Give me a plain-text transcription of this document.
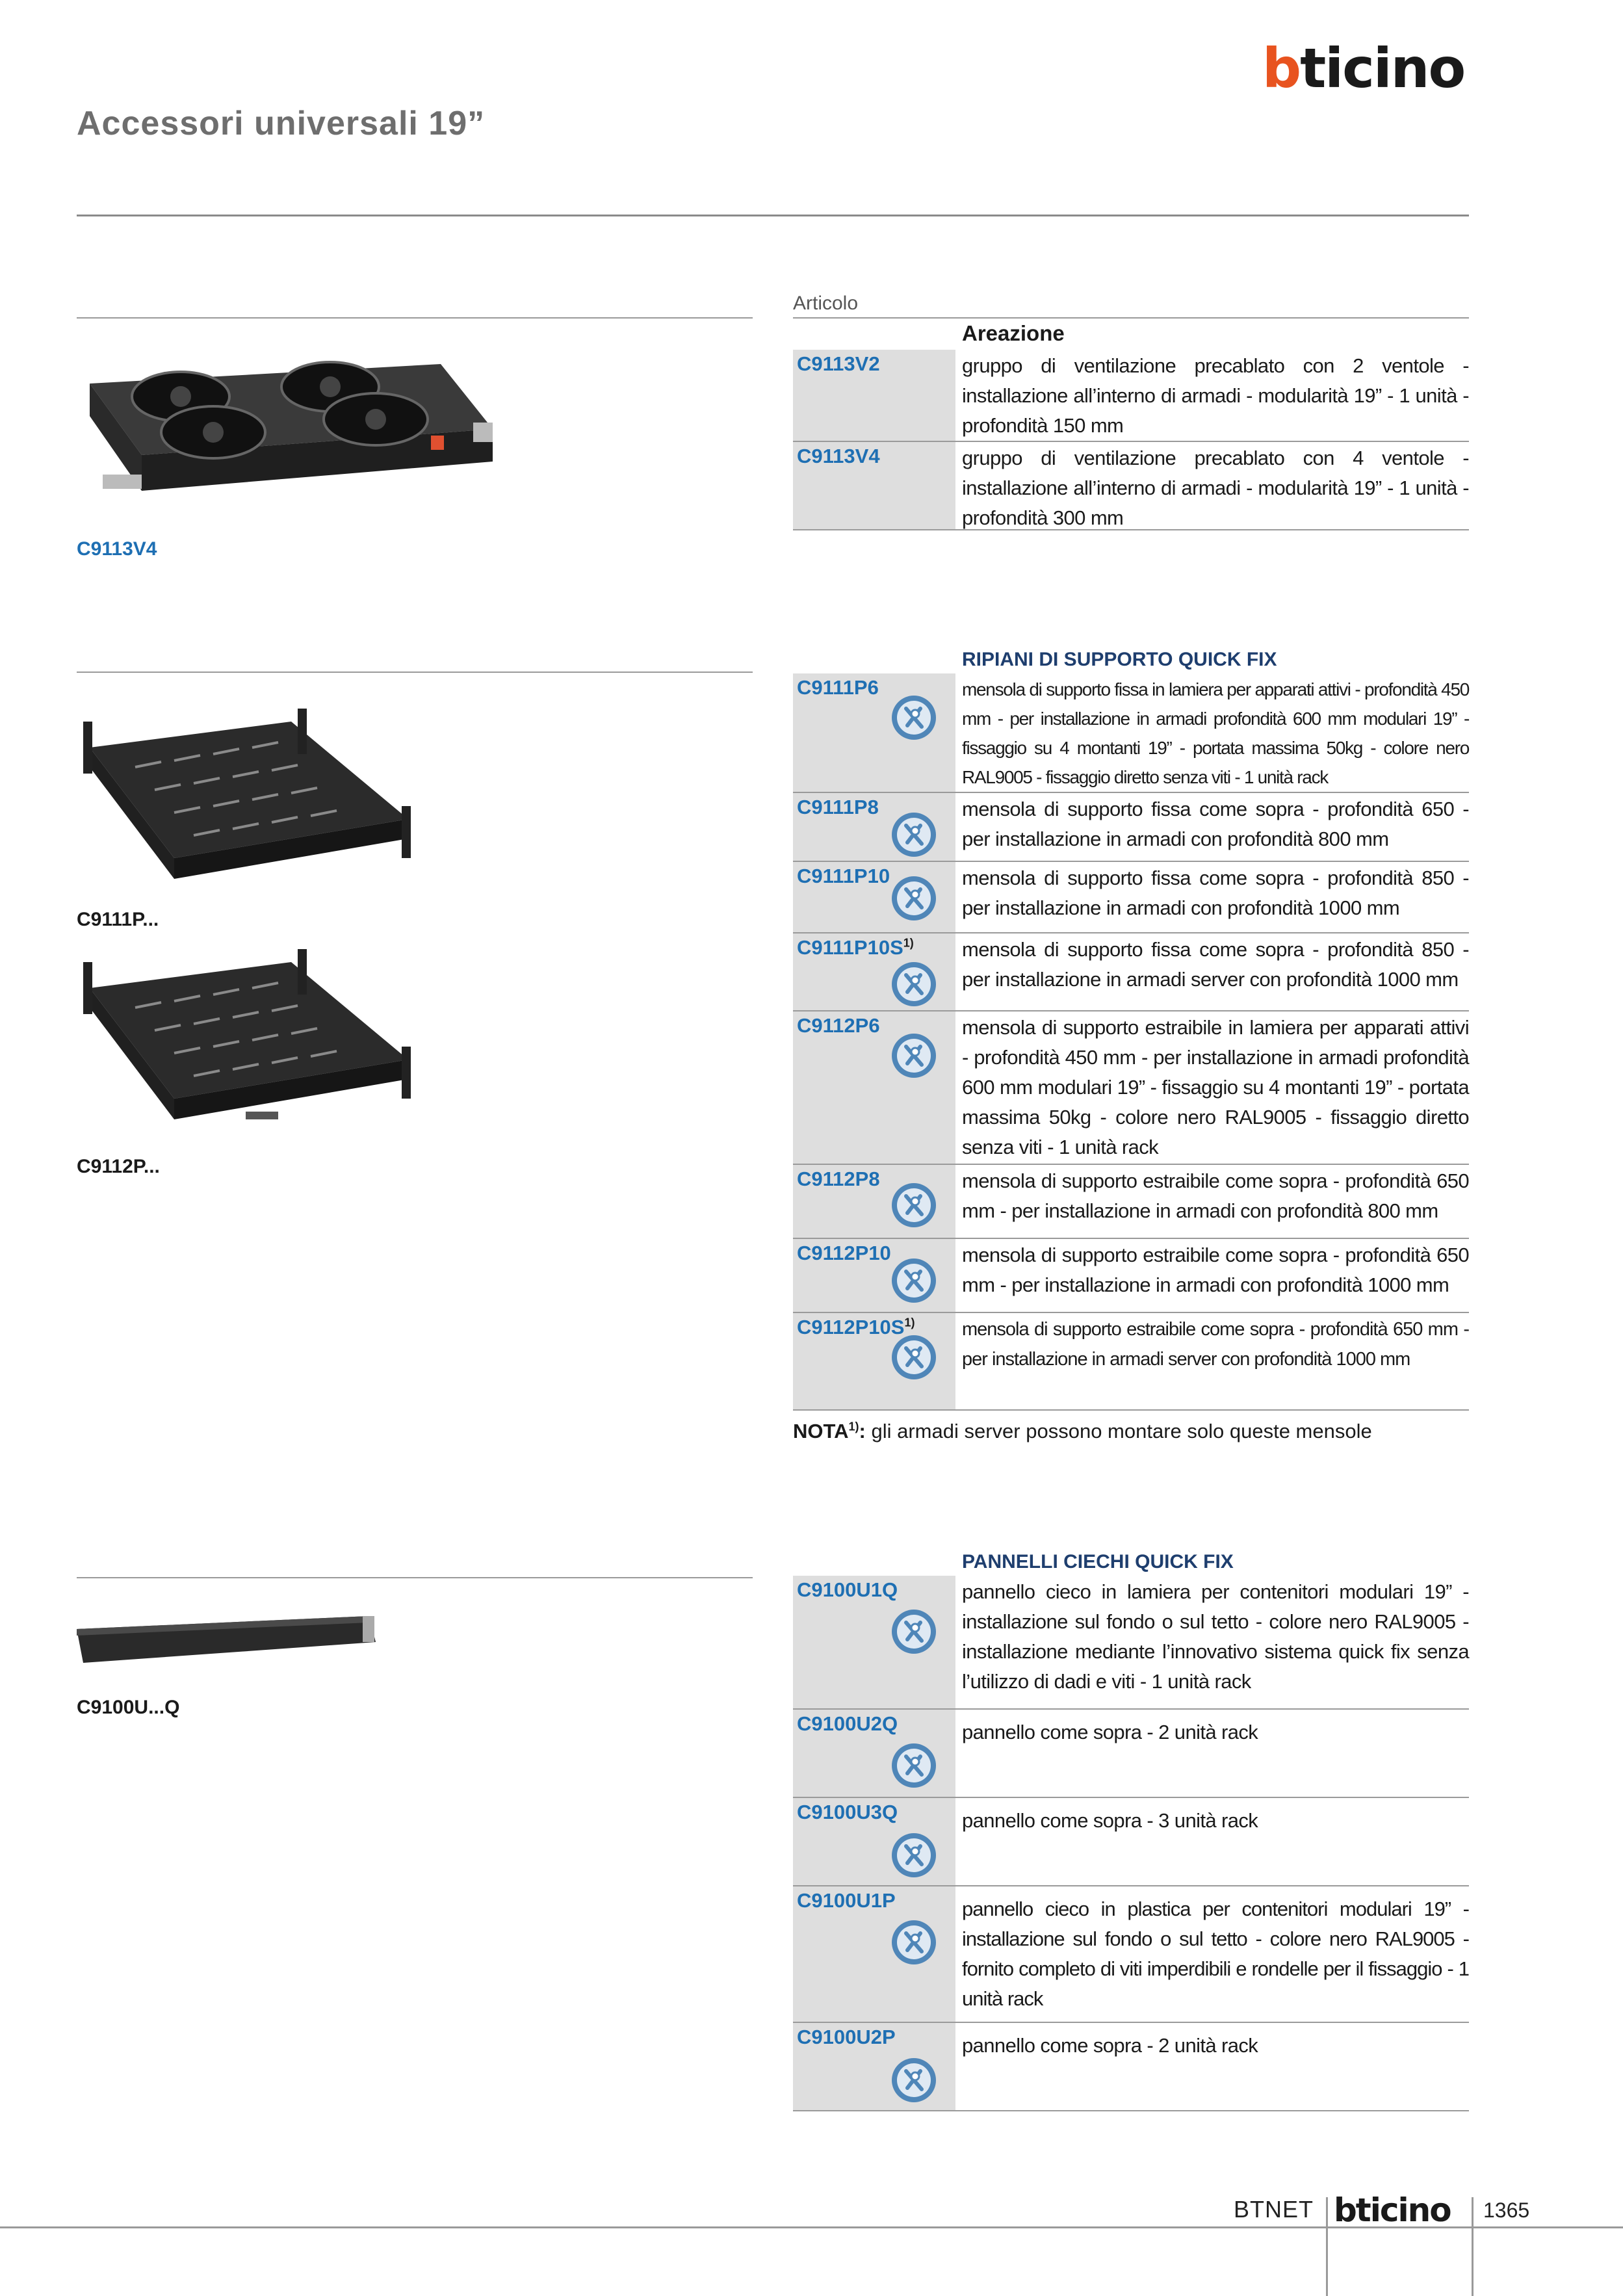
bticino
Accessori universali 19”
C9113V4
C9111P...
C9112P...
C9100U...Q
Articolo
Areazione
C9113V2	gruppo di ventilazione precablato con 2 ventole - installazione all’interno di armadi - modularità 19” - 1 unità - profondità 150 mm
C9113V4	gruppo di ventilazione precablato con 4 ventole - installazione all’interno di armadi - modularità 19” - 1 unità - profondità 300 mm
RIPIANI DI SUPPORTO QUICK FIX
C9111P6	mensola di supporto fissa in lamiera per apparati attivi - profondità 450 mm - per installazione in armadi profondità 600 mm modulari 19” - fissaggio su 4 montanti 19” - portata massima 50kg - colore nero RAL9005 - fissaggio diretto senza viti - 1 unità rack
C9111P8	mensola di supporto fissa come sopra - profondità 650 - per installazione in armadi con profondità 800 mm
C9111P10	mensola di supporto fissa come sopra - profondità 850 - per installazione in armadi con profondità 1000 mm
$C9111P10S^{1)}$ mensola di supporto fissa come sopra - profondità 850 - per installazione in armadi server con profondità 1000 mm
C9112P6	mensola di supporto estraibile in lamiera per apparati attivi - profondità 450 mm - per installazione in armadi profondità 600 mm modulari 19” - fissaggio su 4 montanti 19” - portata massima 50kg - colore nero RAL9005 - fissaggio diretto senza viti - 1 unità rack
C9112P8	mensola di supporto estraibile come sopra - profondità 650 mm - per installazione in armadi con profondità 800 mm
C9112P10	mensola di supporto estraibile come sopra - profondità 650 mm - per installazione in armadi con profondità 1000 mm
$C9112P10S^{1)}$	mensola di supporto estraibile come sopra - profondità 650 mm - per installazione in armadi server con profondità 1000 mm
NOTA$^{1)}$: gli armadi server possono montare solo queste mensole
PANNELLI CIECHI QUICK FIX
C9100U1Q	pannello cieco in lamiera per contenitori modulari 19” - installazione sul fondo o sul tetto - colore nero RAL9005 - installazione mediante l’innovativo sistema quick fix senza l’utilizzo di dadi e viti - 1 unità rack
C9100U2Q	pannello come sopra - 2 unità rack
C9100U3Q	pannello come sopra - 3 unità rack
C9100U1P	pannello cieco in plastica per contenitori modulari 19” - installazione sul fondo o sul tetto - colore nero RAL9005 - fornito completo di viti imperdibili e rondelle per il fissaggio - 1 unità rack
C9100U2P	pannello come sopra - 2 unità rack
BTNET bticino 1365
